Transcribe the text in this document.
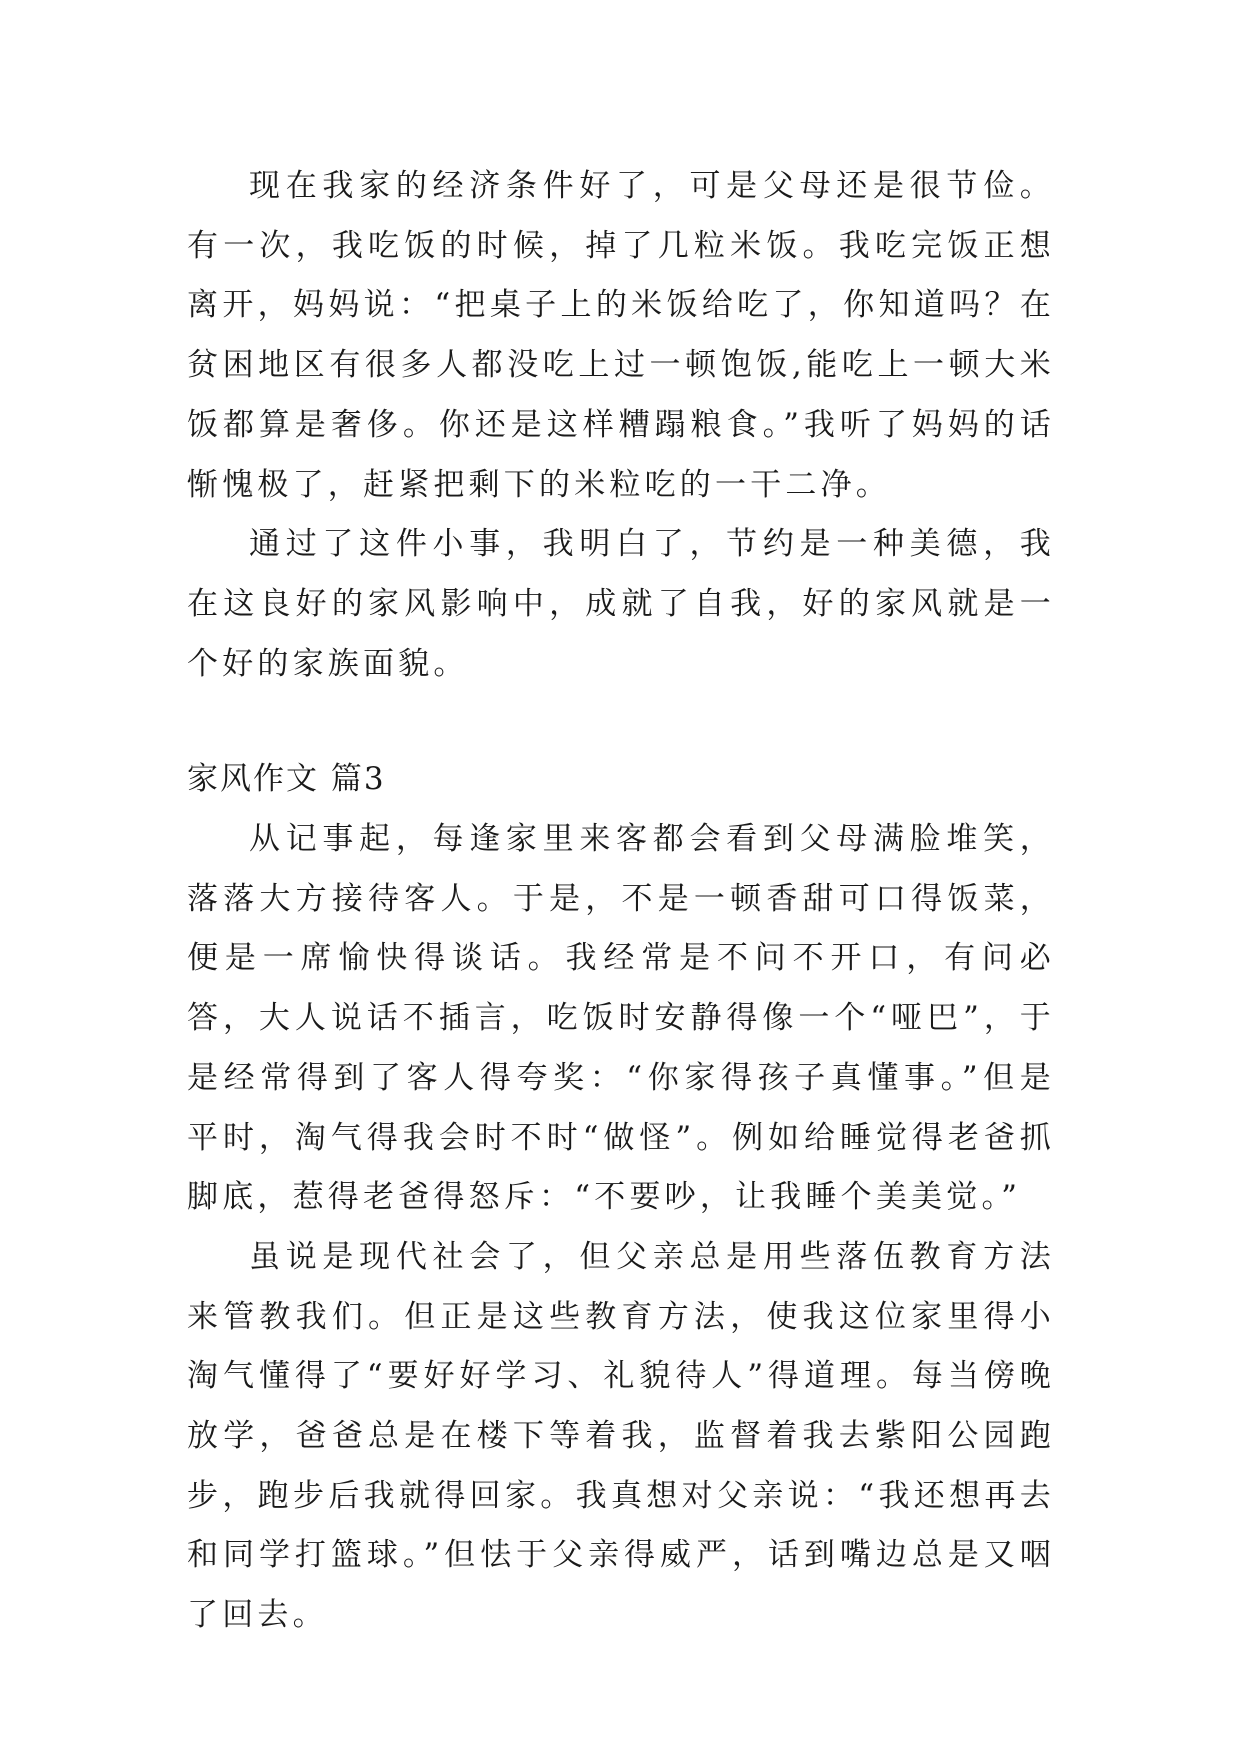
现在我家的经济条件好了，可是父母还是很节俭。有一次，我吃饭的时候，掉了几粒米饭。我吃完饭正想离开，妈妈说：“把桌子上的米饭给吃了，你知道吗？在贫困地区有很多人都没吃上过一顿饱饭,能吃上一顿大米饭都算是奢侈。你还是这样糟蹋粮食。”我听了妈妈的话惭愧极了，赶紧把剩下的米粒吃的一干二净。

通过了这件小事，我明白了，节约是一种美德，我在这良好的家风影响中，成就了自我，好的家风就是一个好的家族面貌。

家风作文 篇3

从记事起，每逢家里来客都会看到父母满脸堆笑，落落大方接待客人。于是，不是一顿香甜可口得饭菜，便是一席愉快得谈话。我经常是不问不开口，有问必答，大人说话不插言，吃饭时安静得像一个“哑巴”，于是经常得到了客人得夸奖：“你家得孩子真懂事。”但是平时，淘气得我会时不时“做怪”。例如给睡觉得老爸抓脚底，惹得老爸得怒斥：“不要吵，让我睡个美美觉。”

虽说是现代社会了，但父亲总是用些落伍教育方法来管教我们。但正是这些教育方法，使我这位家里得小淘气懂得了“要好好学习、礼貌待人”得道理。每当傍晚放学，爸爸总是在楼下等着我，监督着我去紫阳公园跑步，跑步后我就得回家。我真想对父亲说：“我还想再去和同学打篮球。”但怯于父亲得威严，话到嘴边总是又咽了回去。
